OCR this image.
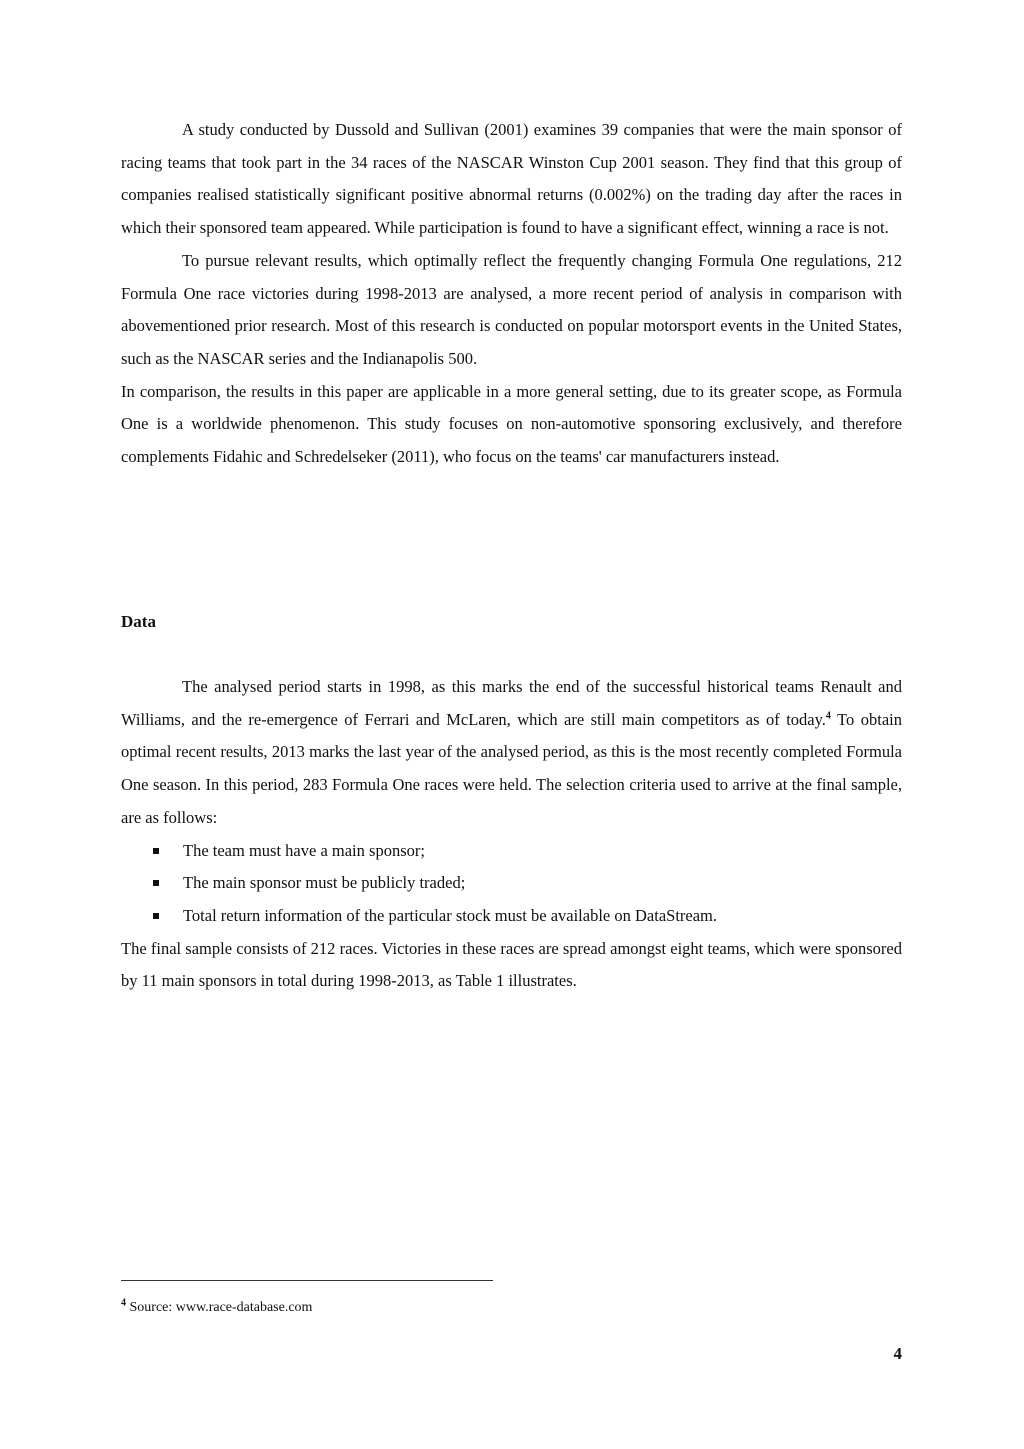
A study conducted by Dussold and Sullivan (2001) examines 39 companies that were the main sponsor of racing teams that took part in the 34 races of the NASCAR Winston Cup 2001 season. They find that this group of companies realised statistically significant positive abnormal returns (0.002%) on the trading day after the races in which their sponsored team appeared. While participation is found to have a significant effect, winning a race is not.

To pursue relevant results, which optimally reflect the frequently changing Formula One regulations, 212 Formula One race victories during 1998-2013 are analysed, a more recent period of analysis in comparison with abovementioned prior research. Most of this research is conducted on popular motorsport events in the United States, such as the NASCAR series and the Indianapolis 500.

In comparison, the results in this paper are applicable in a more general setting, due to its greater scope, as Formula One is a worldwide phenomenon. This study focuses on non-automotive sponsoring exclusively, and therefore complements Fidahic and Schredelseker (2011), who focus on the teams' car manufacturers instead.

Data

The analysed period starts in 1998, as this marks the end of the successful historical teams Renault and Williams, and the re-emergence of Ferrari and McLaren, which are still main competitors as of today.$^4$ To obtain optimal recent results, 2013 marks the last year of the analysed period, as this is the most recently completed Formula One season. In this period, 283 Formula One races were held. The selection criteria used to arrive at the final sample, are as follows:

The team must have a main sponsor;
The main sponsor must be publicly traded;
Total return information of the particular stock must be available on DataStream.

The final sample consists of 212 races. Victories in these races are spread amongst eight teams, which were sponsored by 11 main sponsors in total during 1998-2013, as Table 1 illustrates.

$^4$ Source: www.race-database.com

4
